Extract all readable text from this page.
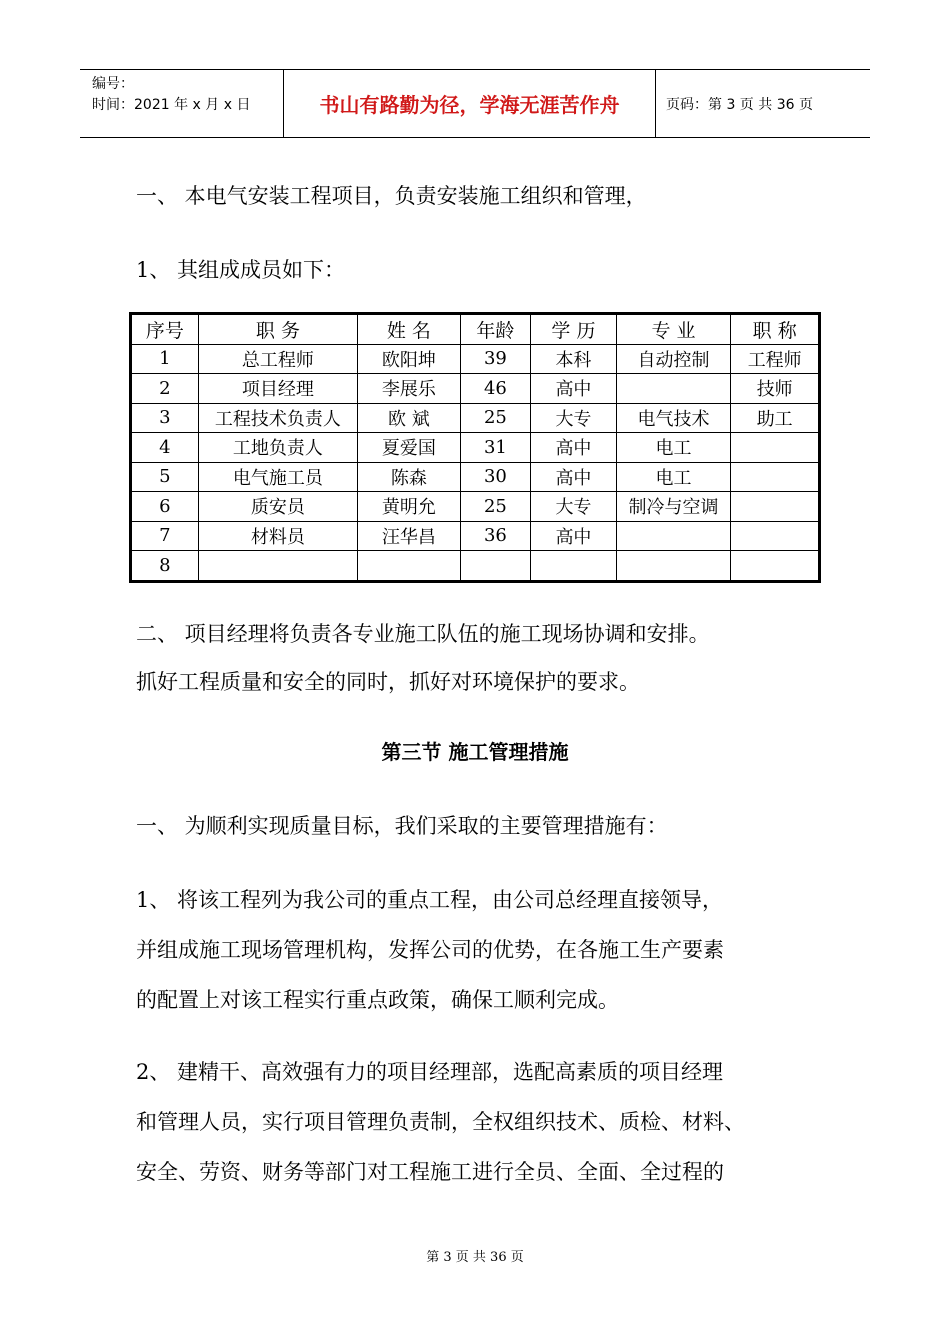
编号：
时间：2021 年 x 月 x 日	书山有路勤为径，学海无涯苦作舟	页码：第 3 页 共 36 页
一、 本电气安装工程项目，负责安装施工组织和管理，
1、 其组成成员如下：
序号	职 务	姓 名	年龄	学 历	专 业	职 称
1	总工程师	欧阳坤	39	本科	自动控制	工程师
2	项目经理	李展乐	46	高中		技师
3	工程技术负责人	欧 斌	25	大专	电气技术	助工
4	工地负责人	夏爱国	31	高中	电工	
5	电气施工员	陈森	30	高中	电工	
6	质安员	黄明允	25	大专	制冷与空调	
7	材料员	汪华昌	36	高中		
8						
二、 项目经理将负责各专业施工队伍的施工现场协调和安排。
抓好工程质量和安全的同时，抓好对环境保护的要求。
第三节 施工管理措施
一、 为顺利实现质量目标，我们采取的主要管理措施有：
1、 将该工程列为我公司的重点工程，由公司总经理直接领导，
并组成施工现场管理机构，发挥公司的优势，在各施工生产要素
的配置上对该工程实行重点政策，确保工顺利完成。
2、 建精干、高效强有力的项目经理部，选配高素质的项目经理
和管理人员，实行项目管理负责制，全权组织技术、质检、材料、
安全、劳资、财务等部门对工程施工进行全员、全面、全过程的
第 3 页 共 36 页
